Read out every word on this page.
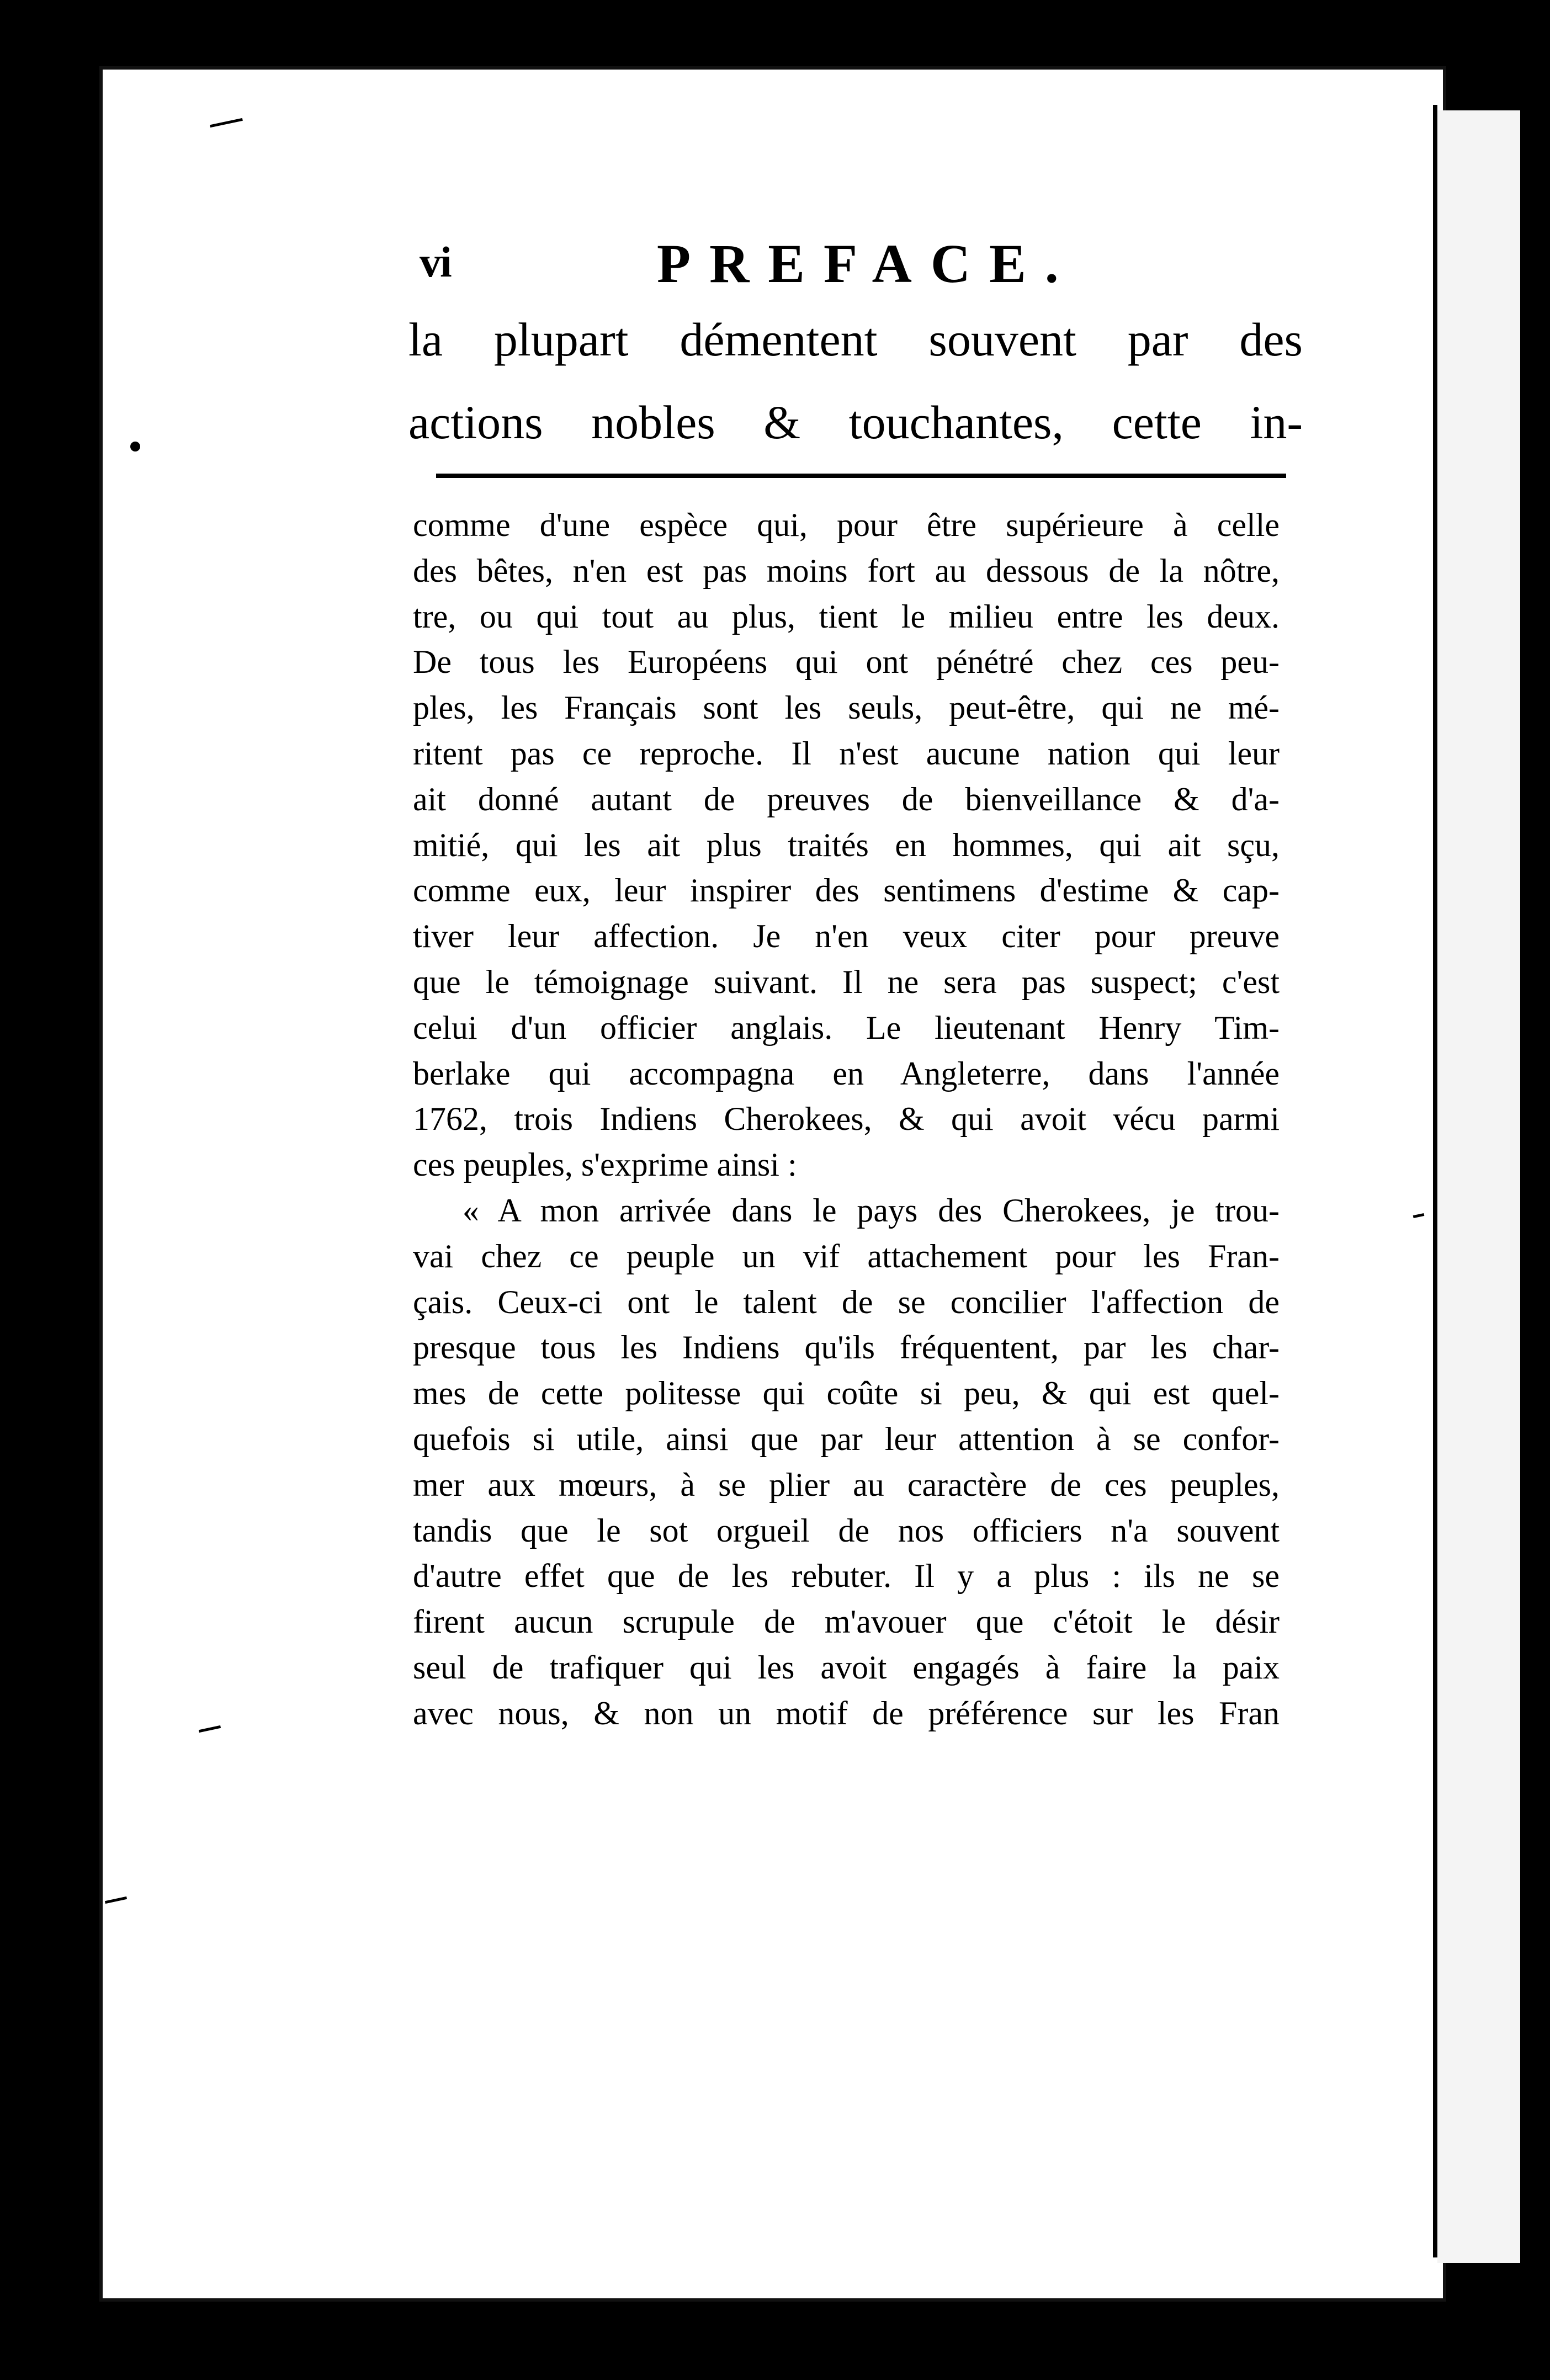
vi	PREFACE.

la plupart démentent souvent par des

actions nobles & touchantes, cette in-

comme d'une espèce qui, pour être supérieure à celle

des bêtes, n'en est pas moins fort au dessous de la nôtre,

tre, ou qui tout au plus, tient le milieu entre les deux.

De tous les Européens qui ont pénétré chez ces peu-

ples, les Français sont les seuls, peut-être, qui ne mé-

ritent pas ce reproche. Il n'est aucune nation qui leur

ait donné autant de preuves de bienveillance & d'a-

mitié, qui les ait plus traités en hommes, qui ait sçu,

comme eux, leur inspirer des sentimens d'estime & cap-

tiver leur affection. Je n'en veux citer pour preuve

que le témoignage suivant. Il ne sera pas suspect; c'est

celui d'un officier anglais. Le lieutenant Henry Tim-

berlake qui accompagna en Angleterre, dans l'année

1762, trois Indiens Cherokees, & qui avoit vécu parmi

ces peuples, s'exprime ainsi :

« A mon arrivée dans le pays des Cherokees, je trou-

vai chez ce peuple un vif attachement pour les Fran-

çais. Ceux-ci ont le talent de se concilier l'affection de

presque tous les Indiens qu'ils fréquentent, par les char-

mes de cette politesse qui coûte si peu, & qui est quel-

quefois si utile, ainsi que par leur attention à se confor-

mer aux mœurs, à se plier au caractère de ces peuples,

tandis que le sot orgueil de nos officiers n'a souvent

d'autre effet que de les rebuter. Il y a plus : ils ne se

firent aucun scrupule de m'avouer que c'étoit le désir

seul de trafiquer qui les avoit engagés à faire la paix

avec nous, & non un motif de préférence sur les Fran
